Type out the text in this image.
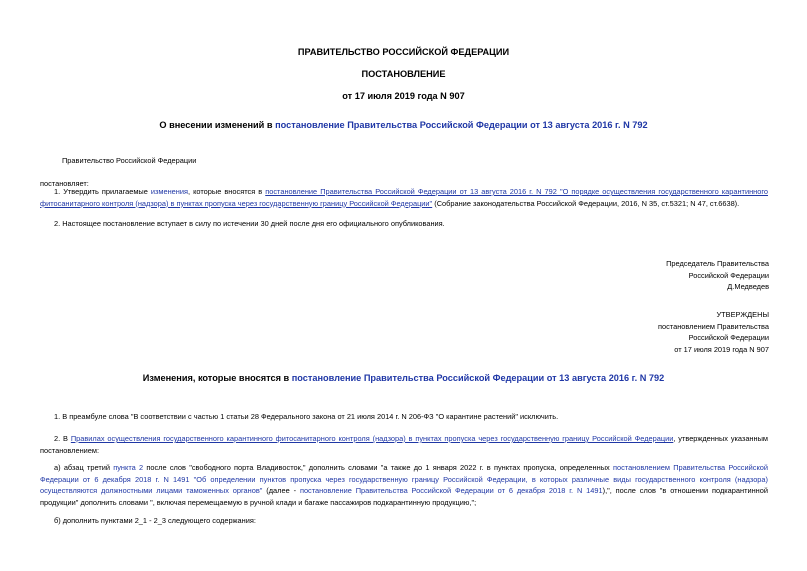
ПРАВИТЕЛЬСТВО РОССИЙСКОЙ ФЕДЕРАЦИИ
ПОСТАНОВЛЕНИЕ
от 17 июля 2019 года N 907
О внесении изменений в постановление Правительства Российской Федерации от 13 августа 2016 г. N 792
Правительство Российской Федерации
постановляет:
1. Утвердить прилагаемые изменения, которые вносятся в постановление Правительства Российской Федерации от 13 августа 2016 г. N 792 "О порядке осуществления государственного карантинного фитосанитарного контроля (надзора) в пунктах пропуска через государственную границу Российской Федерации" (Собрание законодательства Российской Федерации, 2016, N 35, ст.5321; N 47, ст.6638).
2. Настоящее постановление вступает в силу по истечении 30 дней после дня его официального опубликования.
Председатель Правительства
Российской Федерации
Д.Медведев
УТВЕРЖДЕНЫ
постановлением Правительства
Российской Федерации
от 17 июля 2019 года N 907
Изменения, которые вносятся в постановление Правительства Российской Федерации от 13 августа 2016 г. N 792
1. В преамбуле слова "В соответствии с частью 1 статьи 28 Федерального закона от 21 июля 2014 г. N 206-ФЗ "О карантине растений" исключить.
2. В Правилах осуществления государственного карантинного фитосанитарного контроля (надзора) в пунктах пропуска через государственную границу Российской Федерации, утвержденных указанным постановлением:
а) абзац третий пункта 2 после слов "свободного порта Владивосток," дополнить словами "а также до 1 января 2022 г. в пунктах пропуска, определенных постановлением Правительства Российской Федерации от 6 декабря 2018 г. N 1491 "Об определении пунктов пропуска через государственную границу Российской Федерации, в которых различные виды государственного контроля (надзора) осуществляются должностными лицами таможенных органов" (далее - постановление Правительства Российской Федерации от 6 декабря 2018 г. N 1491),", после слов "в отношении подкарантинной продукции" дополнить словами ", включая перемещаемую в ручной клади и багаже пассажиров подкарантинную продукцию,";
б) дополнить пунктами 2_1 - 2_3 следующего содержания:
